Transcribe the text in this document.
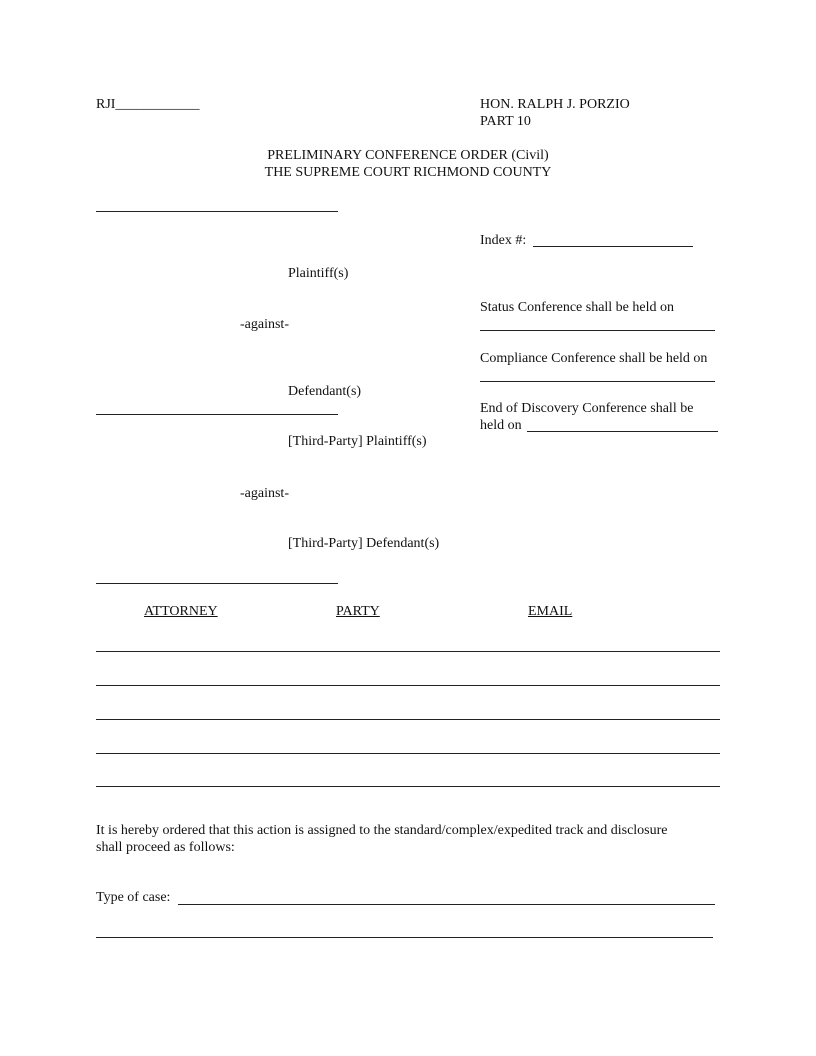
RJI____________	HON. RALPH J. PORZIO
PART 10
PRELIMINARY CONFERENCE ORDER (Civil)
THE SUPREME COURT RICHMOND COUNTY
Plaintiff(s)
-against-
Defendant(s)
[Third-Party] Plaintiff(s)
-against-
[Third-Party] Defendant(s)
Index #:
Status Conference shall be held on
Compliance Conference shall be held on
End of Discovery Conference shall be
held on
ATTORNEY	PARTY	EMAIL
It is hereby ordered that this action is assigned to the standard/complex/expedited track and disclosure
shall proceed as follows:
Type of case:
